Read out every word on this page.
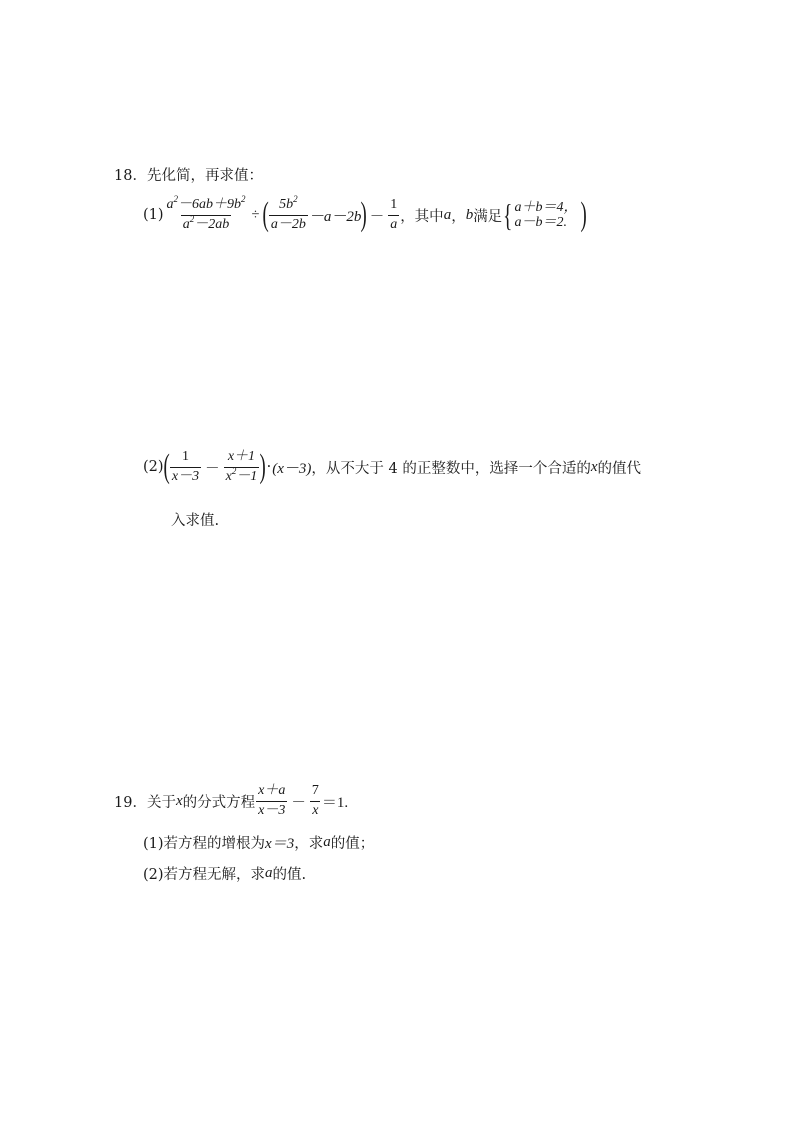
18． 先化简，再求值：
$(1) \frac{a^2-6ab+9b^2}{a^2-2ab}$ ÷ ( $\frac{5b^2}{a-2b} -a-2b$ ) － $\frac{1}{a}$ ，其中 a ， b 满足 { a＋b＝4，
a－b＝2. )
(2) ( $\frac{1}{x-3} - \frac{x+1}{x^2-1}$ ) · (x－3) ，从不大于 4 的正整数中，选择一个合适的 x 的值代
入求值.
19． 关于 x 的分式方程 $\frac{x+a}{x-3} - \frac{7}{x} =1$.
(1)若方程的增根为 x＝3 ，求 a 的值；
(2)若方程无解，求 a 的值.
